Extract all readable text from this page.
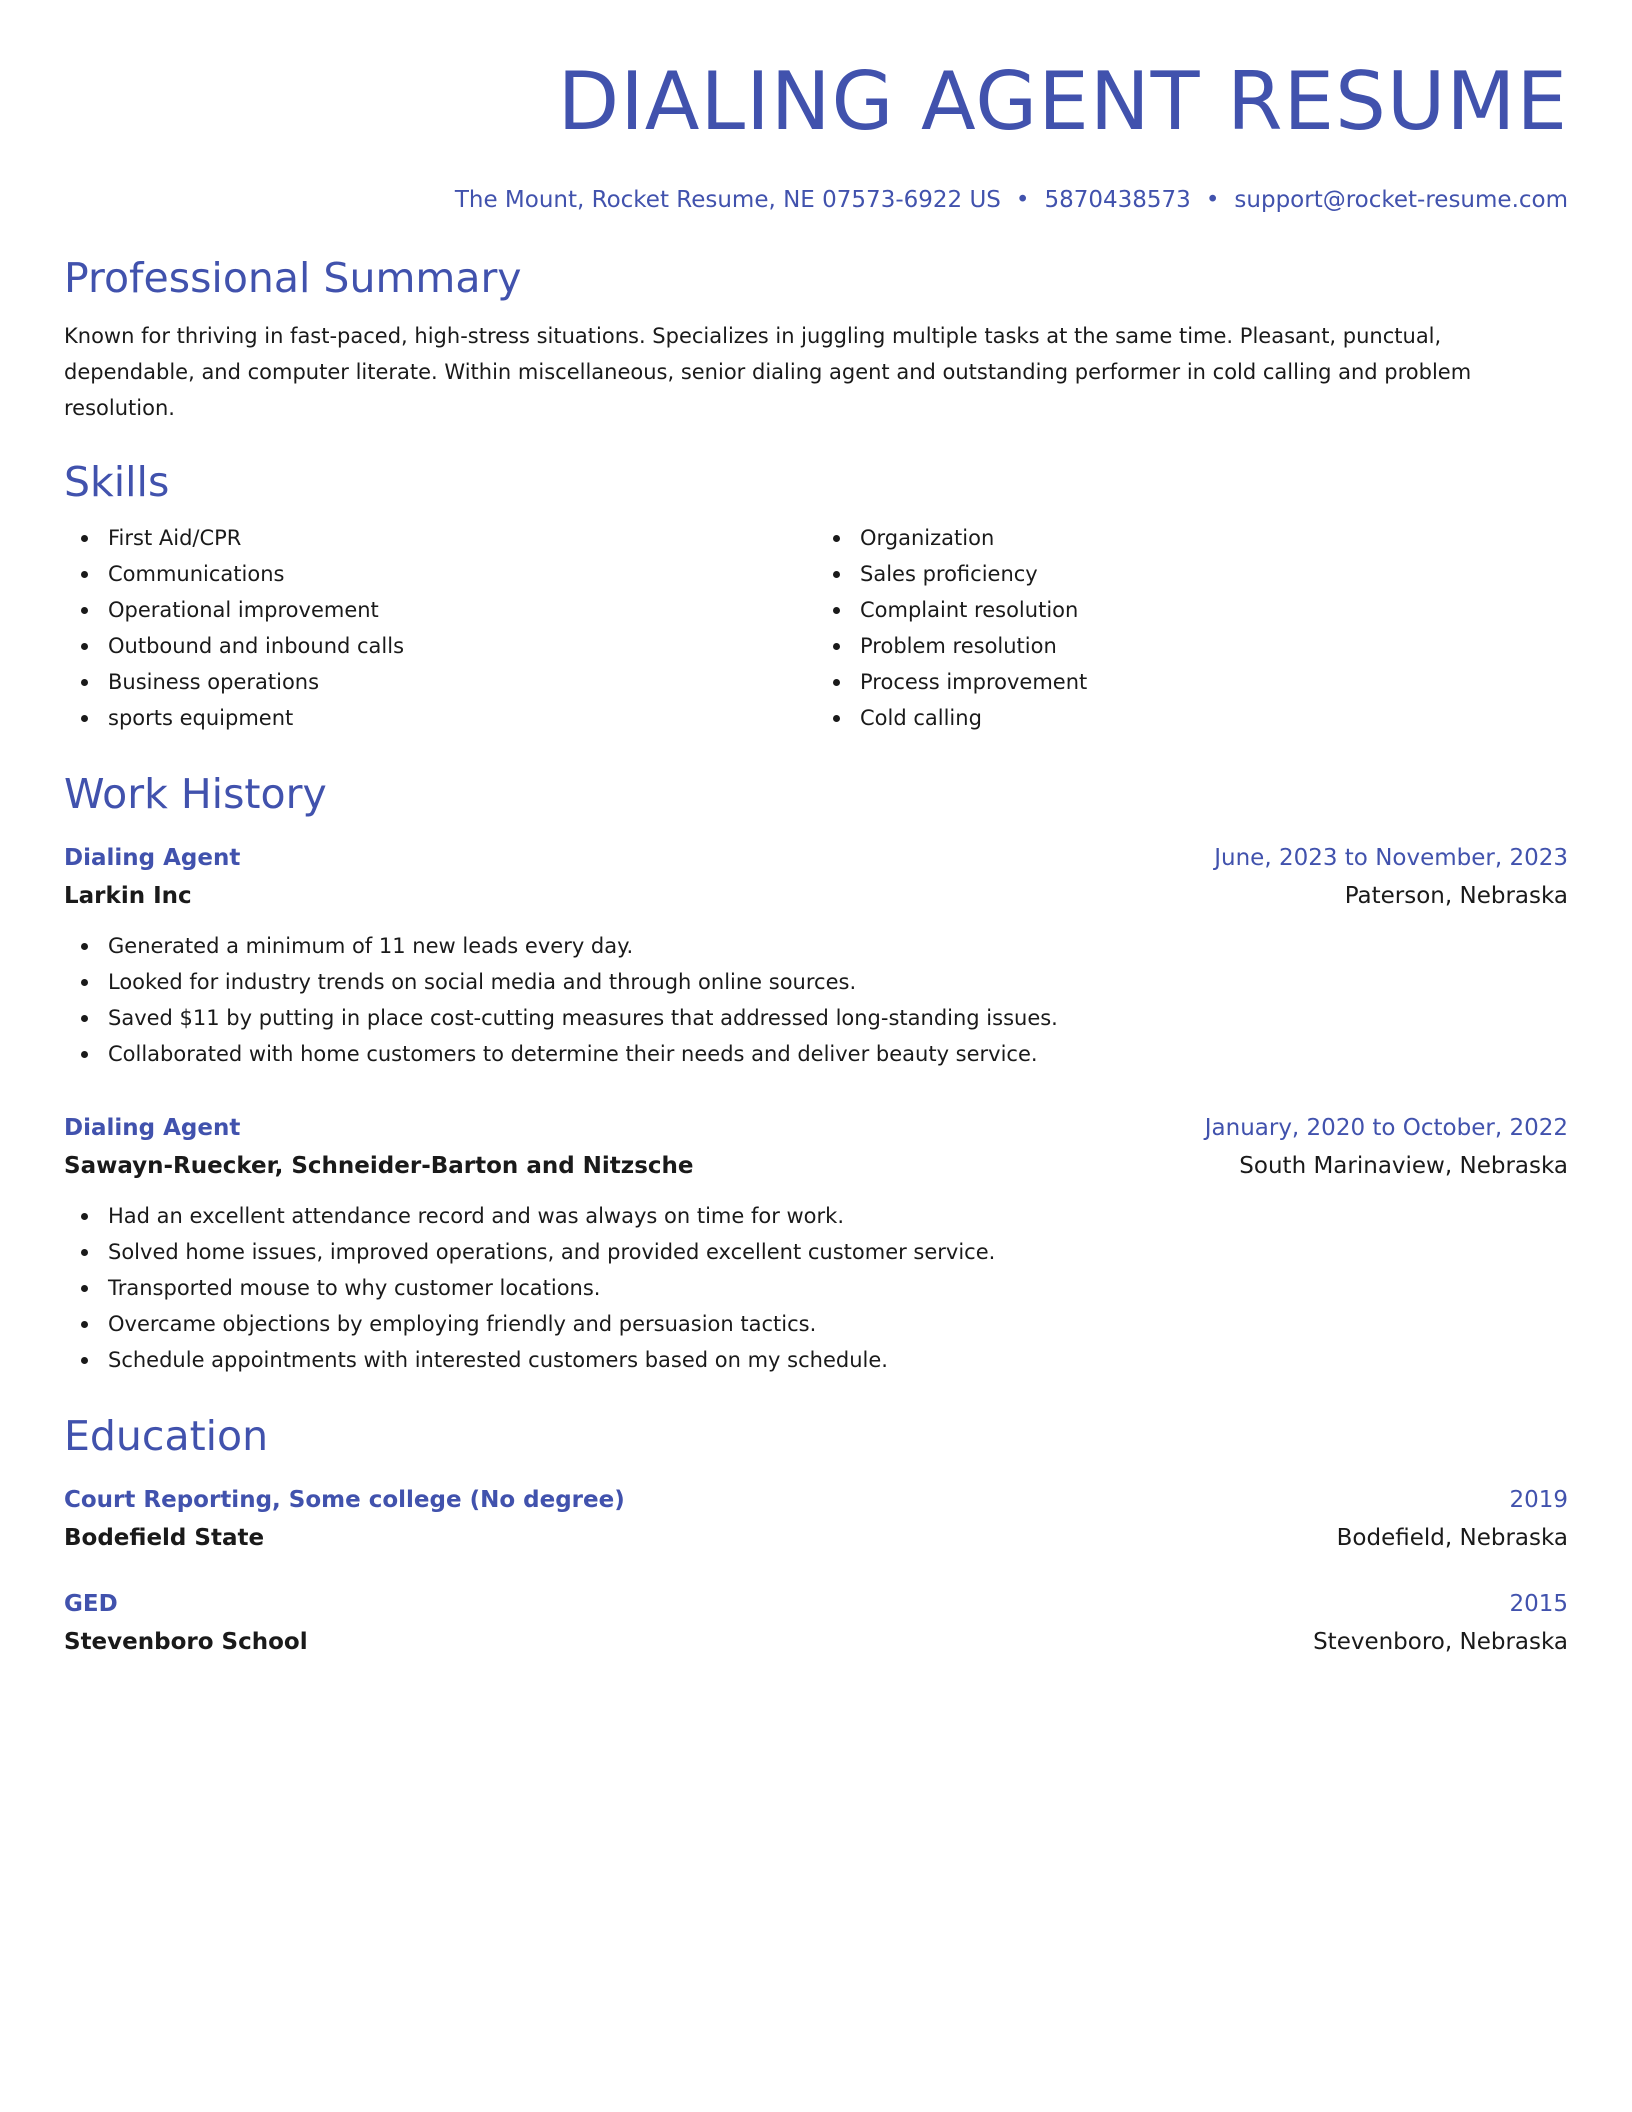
DIALING AGENT RESUME
The Mount, Rocket Resume, NE 07573-6922 US • 5870438573 • support@rocket-resume.com
Professional Summary
Known for thriving in fast-paced, high-stress situations. Specializes in juggling multiple tasks at the same time. Pleasant, punctual, dependable, and computer literate. Within miscellaneous, senior dialing agent and outstanding performer in cold calling and problem resolution.
Skills
First Aid/CPR
Communications
Operational improvement
Outbound and inbound calls
Business operations
sports equipment
Organization
Sales proficiency
Complaint resolution
Problem resolution
Process improvement
Cold calling
Work History
Dialing Agent	June, 2023 to November, 2023
Larkin Inc	Paterson, Nebraska
Generated a minimum of 11 new leads every day.
Looked for industry trends on social media and through online sources.
Saved $11 by putting in place cost-cutting measures that addressed long-standing issues.
Collaborated with home customers to determine their needs and deliver beauty service.
Dialing Agent	January, 2020 to October, 2022
Sawayn-Ruecker, Schneider-Barton and Nitzsche	South Marinaview, Nebraska
Had an excellent attendance record and was always on time for work.
Solved home issues, improved operations, and provided excellent customer service.
Transported mouse to why customer locations.
Overcame objections by employing friendly and persuasion tactics.
Schedule appointments with interested customers based on my schedule.
Education
Court Reporting, Some college (No degree)	2019
Bodefield State	Bodefield, Nebraska
GED	2015
Stevenboro School	Stevenboro, Nebraska
